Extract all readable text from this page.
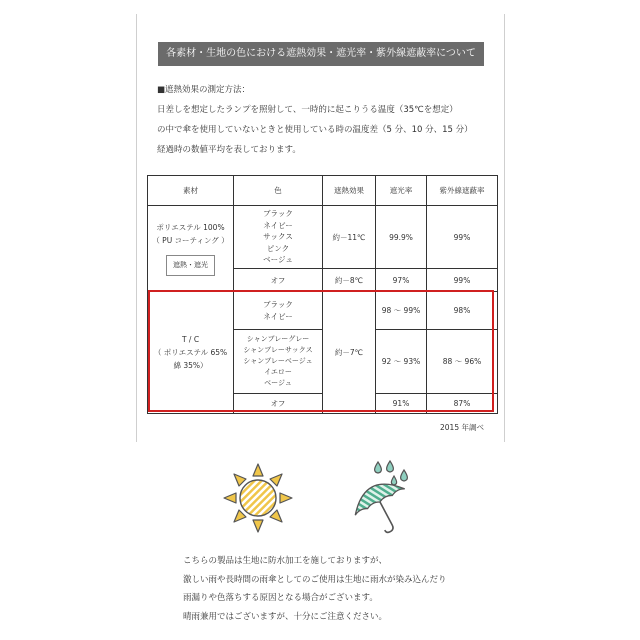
各素材・生地の色における遮熱効果・遮光率・紫外線遮蔽率について
■遮熱効果の測定方法：
日差しを想定したランプを照射して、一時的に起こりうる温度（35℃を想定）
の中で傘を使用していないときと使用している時の温度差（5 分、10 分、15 分）
経過時の数値平均を表しております。
素材	色	遮熱効果	遮光率	紫外線遮蔽率

ポリエステル 100%
（ PU コーティング ）
遮熱・遮光	ブラック
ネイビー
サックス
ピンク
ベージュ	約－11℃	99.9%	99%
	オフ	約－8℃	97%	99%
T / C
（ ポリエステル 65%
綿 35%）	ブラック
ネイビー	約－7℃	98 ～ 99%	98%
	シャンブレーグレー
シャンブレーサックス
シャンブレーベージュ
イエロー
ベージュ		92 ～ 93%	88 ～ 96%
	オフ		91%	87%
2015 年調べ
こちらの製品は生地に防水加工を施しておりますが、
激しい雨や長時間の雨傘としてのご使用は生地に雨水が染み込んだり
雨漏りや色落ちする原因となる場合がございます。
晴雨兼用ではございますが、十分にご注意ください。
